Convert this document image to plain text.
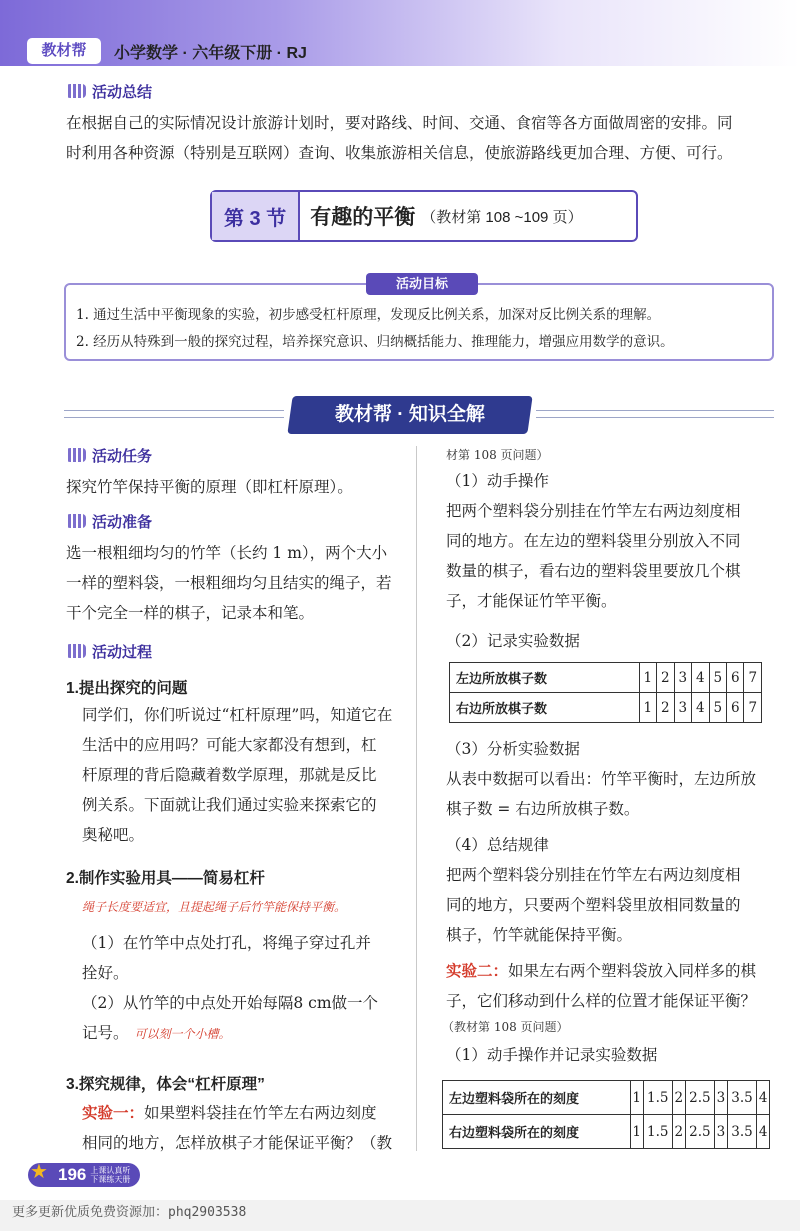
教材帮	小学数学 · 六年级下册 · RJ
活动总结
在根据自己的实际情况设计旅游计划时，要对路线、时间、交通、食宿等各方面做周密的安排。同
时利用各种资源（特别是互联网）查询、收集旅游相关信息，使旅游路线更加合理、方便、可行。
第 3 节	有趣的平衡 （教材第 108 ~109 页）
活动目标
1. 通过生活中平衡现象的实验，初步感受杠杆原理，发现反比例关系，加深对反比例关系的理解。
2. 经历从特殊到一般的探究过程，培养探究意识、归纳概括能力、推理能力，增强应用数学的意识。
教材帮 · 知识全解
活动任务
探究竹竿保持平衡的原理（即杠杆原理）。
活动准备
选一根粗细均匀的竹竿（长约 1 m），两个大小
一样的塑料袋，一根粗细均匀且结实的绳子，若
干个完全一样的棋子，记录本和笔。
活动过程
1.提出探究的问题
同学们，你们听说过“杠杆原理”吗，知道它在
生活中的应用吗？可能大家都没有想到，杠
杆原理的背后隐藏着数学原理，那就是反比
例关系。下面就让我们通过实验来探索它的
奥秘吧。
2.制作实验用具——简易杠杆
绳子长度要适宜，且提起绳子后竹竿能保持平衡。
（1）在竹竿中点处打孔，将绳子穿过孔并
拴好。
（2）从竹竿的中点处开始每隔8 cm做一个
记号。 可以刻一个小槽。
3.探究规律，体会“杠杆原理”
实验一：如果塑料袋挂在竹竿左右两边刻度
相同的地方，怎样放棋子才能保证平衡？（教
材第 108 页问题）
（1）动手操作
把两个塑料袋分别挂在竹竿左右两边刻度相
同的地方。在左边的塑料袋里分别放入不同
数量的棋子，看右边的塑料袋里要放几个棋
子，才能保证竹竿平衡。
（2）记录实验数据
左边所放棋子数	1	2	3	4	5	6	7
右边所放棋子数	1	2	3	4	5	6	7
（3）分析实验数据
从表中数据可以看出：竹竿平衡时，左边所放
棋子数 = 右边所放棋子数。
（4）总结规律
把两个塑料袋分别挂在竹竿左右两边刻度相
同的地方，只要两个塑料袋里放相同数量的
棋子，竹竿就能保持平衡。
实验二：如果左右两个塑料袋放入同样多的棋
子，它们移动到什么样的位置才能保证平衡？
（教材第 108 页问题）
（1）动手操作并记录实验数据
左边塑料袋所在的刻度	1	1.5	2	2.5	3	3.5	4
右边塑料袋所在的刻度	1	1.5	2	2.5	3	3.5	4
196 上课认真听
下课练天册
★
更多更新优质免费资源加：phq2903538
